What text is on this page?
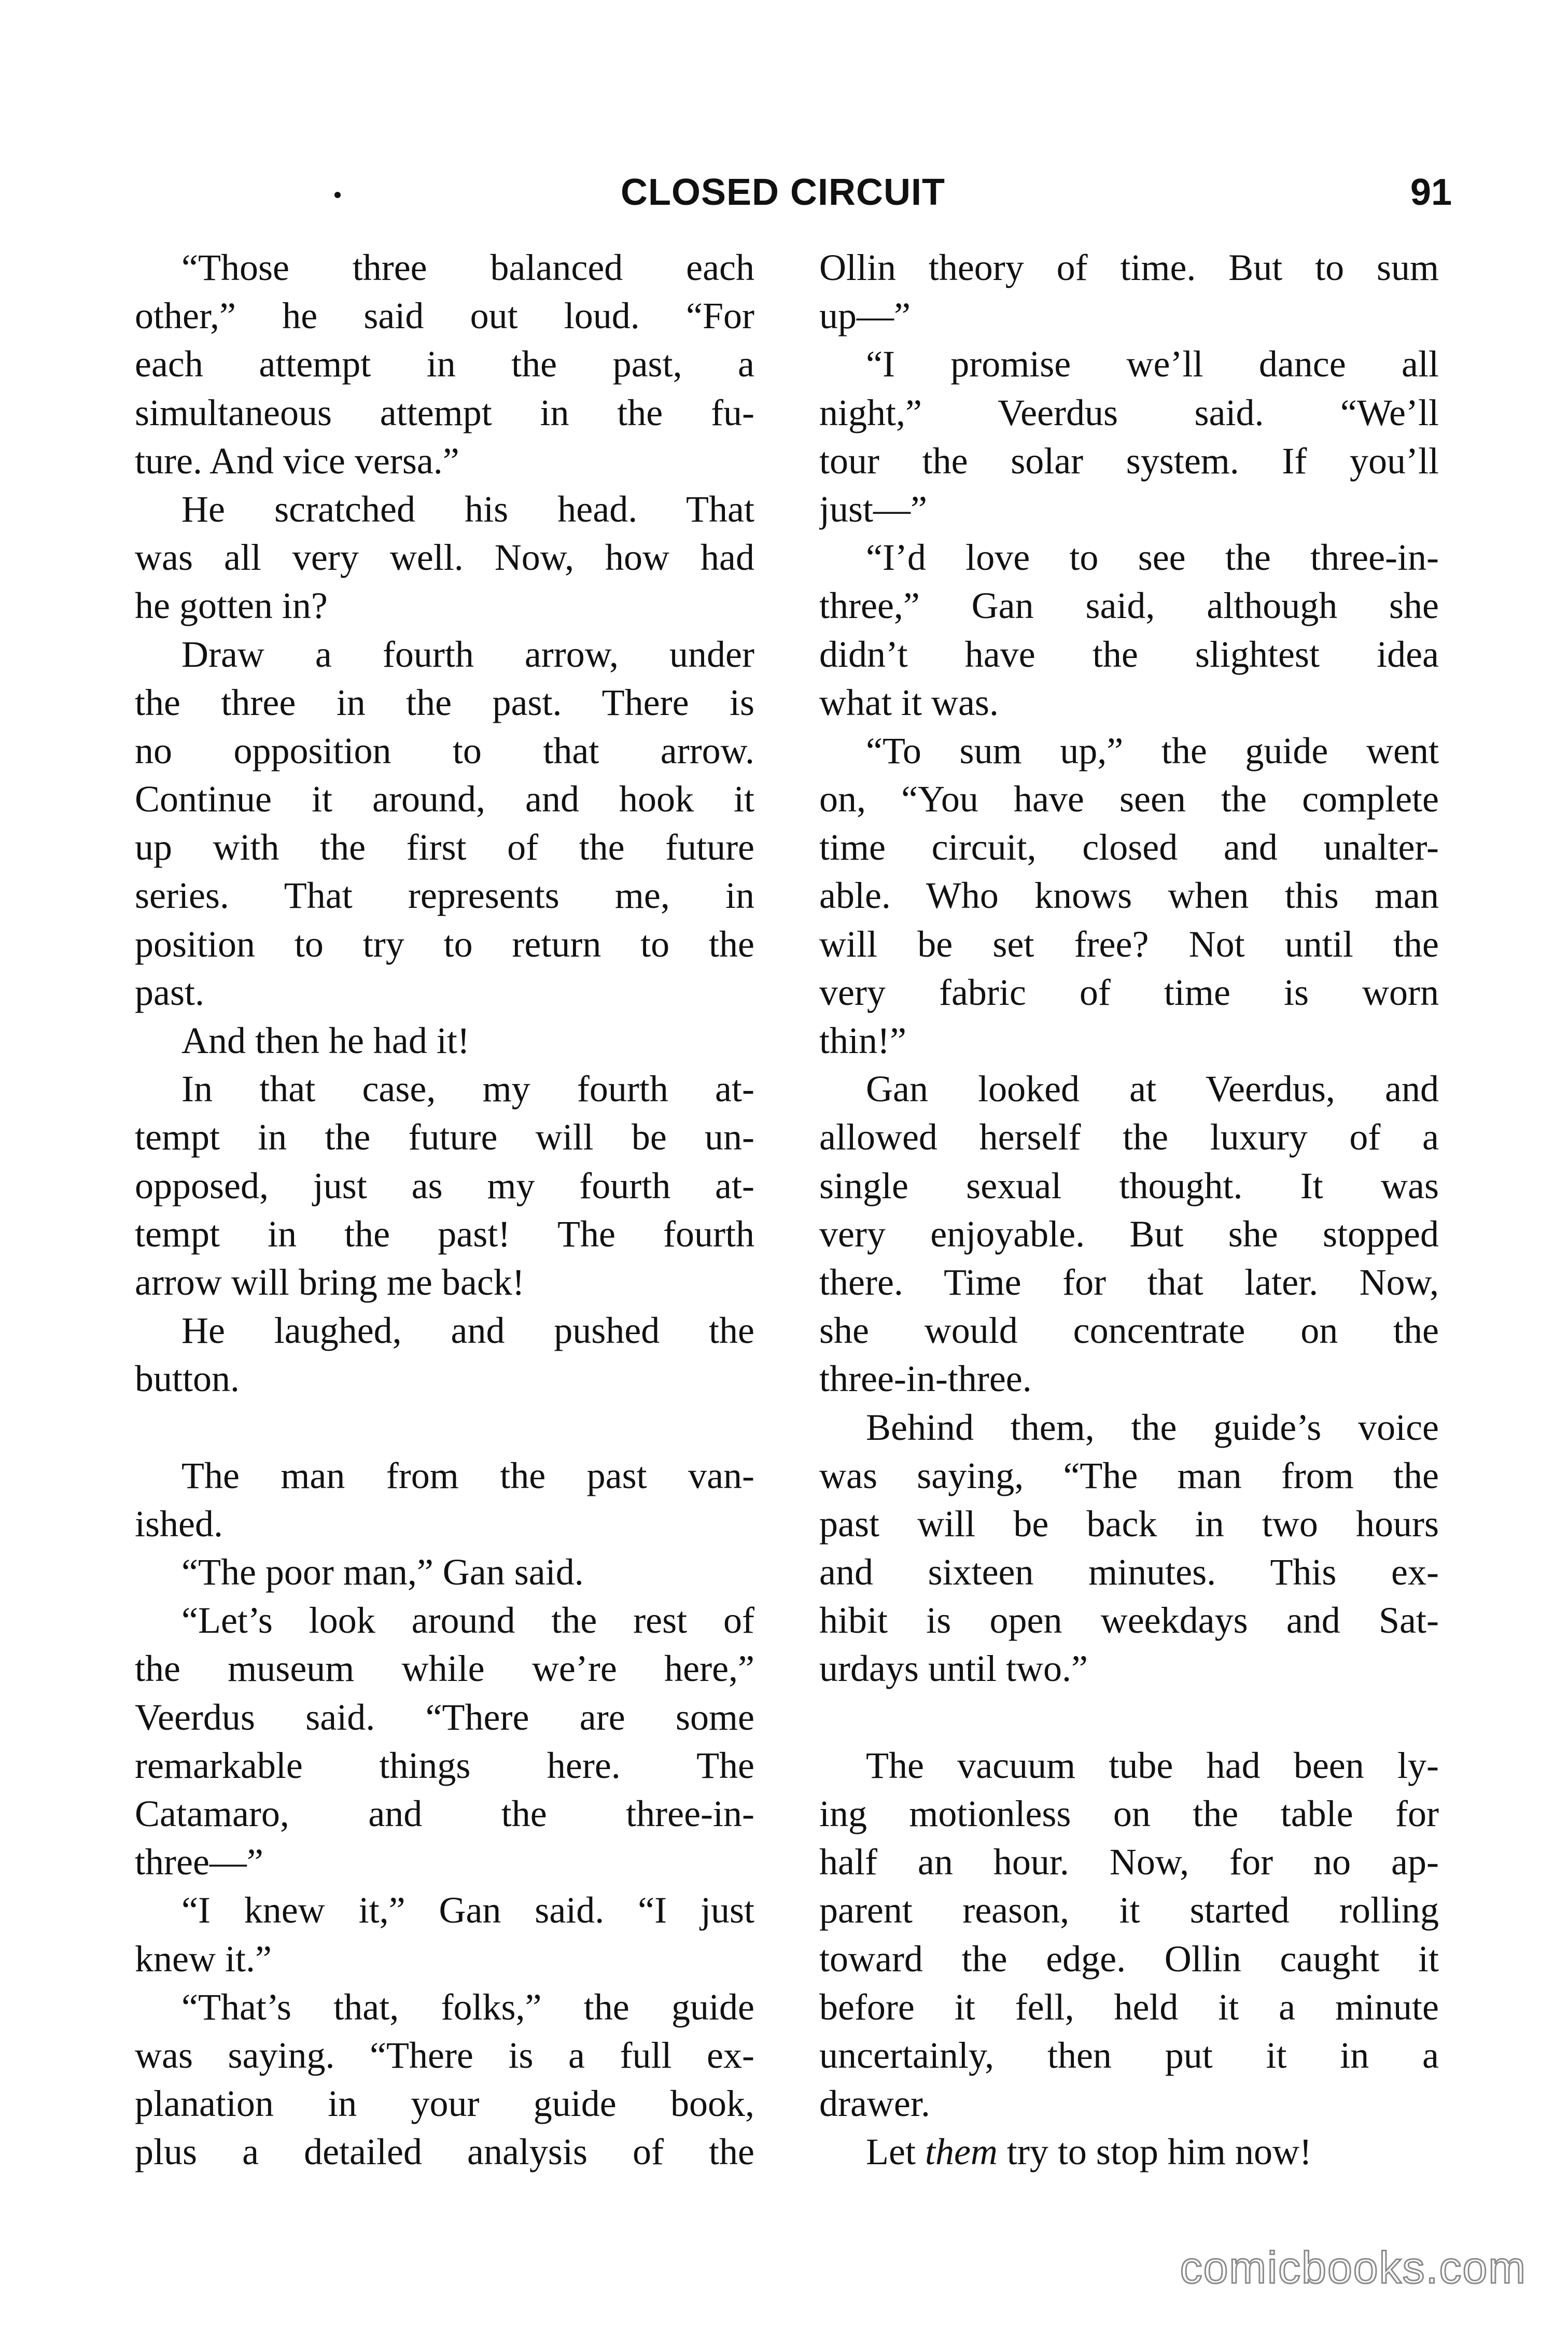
CLOSED CIRCUIT	91
“Those three balanced each
other,” he said out loud. “For
each attempt in the past, a
simultaneous attempt in the fu-
ture. And vice versa.”
He scratched his head. That
was all very well. Now, how had
he gotten in?
Draw a fourth arrow, under
the three in the past. There is
no opposition to that arrow.
Continue it around, and hook it
up with the first of the future
series. That represents me, in
position to try to return to the
past.
And then he had it!
In that case, my fourth at-
tempt in the future will be un-
opposed, just as my fourth at-
tempt in the past! The fourth
arrow will bring me back!
He laughed, and pushed the
button.

The man from the past van-
ished.
“The poor man,” Gan said.
“Let’s look around the rest of
the museum while we’re here,”
Veerdus said. “There are some
remarkable things here. The
Catamaro, and the three-in-
three—”
“I knew it,” Gan said. “I just
knew it.”
“That’s that, folks,” the guide
was saying. “There is a full ex-
planation in your guide book,
plus a detailed analysis of the
Ollin theory of time. But to sum
up—”
“I promise we’ll dance all
night,” Veerdus said. “We’ll
tour the solar system. If you’ll
just—”
“I’d love to see the three-in-
three,” Gan said, although she
didn’t have the slightest idea
what it was.
“To sum up,” the guide went
on, “You have seen the complete
time circuit, closed and unalter-
able. Who knows when this man
will be set free? Not until the
very fabric of time is worn
thin!”
Gan looked at Veerdus, and
allowed herself the luxury of a
single sexual thought. It was
very enjoyable. But she stopped
there. Time for that later. Now,
she would concentrate on the
three-in-three.
Behind them, the guide’s voice
was saying, “The man from the
past will be back in two hours
and sixteen minutes. This ex-
hibit is open weekdays and Sat-
urdays until two.”

The vacuum tube had been ly-
ing motionless on the table for
half an hour. Now, for no ap-
parent reason, it started rolling
toward the edge. Ollin caught it
before it fell, held it a minute
uncertainly, then put it in a
drawer.
Let them try to stop him now!
comicbooks.com
